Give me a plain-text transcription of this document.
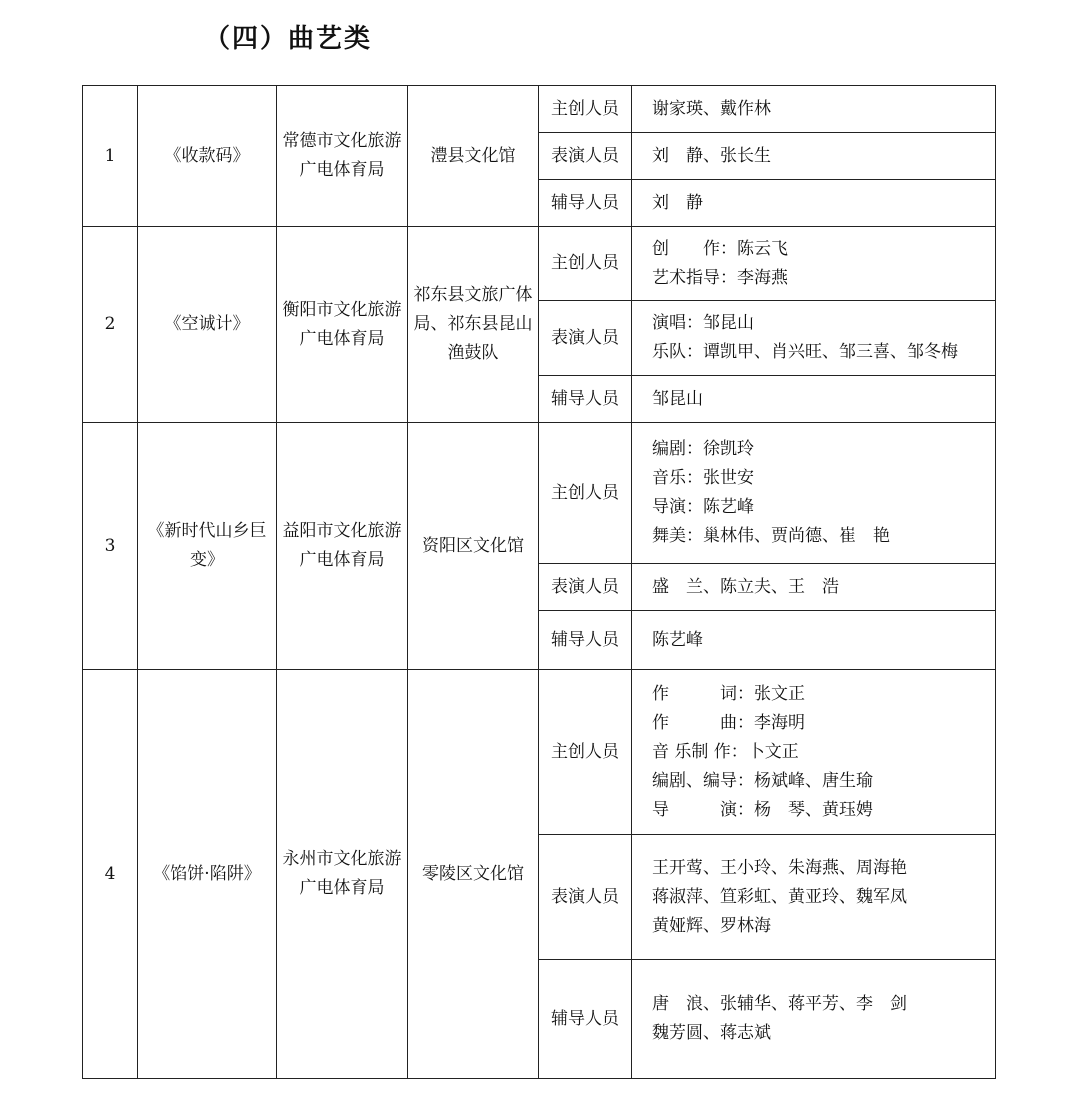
（四）曲艺类
1	《收款码》	常德市文化旅游广电体育局	澧县文化馆	主创人员	谢家瑛、戴作林

				表演人员	刘　静、张长生

				辅导人员	刘　静

2	《空诚计》	衡阳市文化旅游广电体育局	祁东县文旅广体局、祁东县昆山渔鼓队	主创人员	创　　作：陈云飞
艺术指导：李海燕

				表演人员	演唱：邹昆山
乐队：谭凯甲、肖兴旺、邹三喜、邹冬梅

				辅导人员	邹昆山

3	《新时代山乡巨变》	益阳市文化旅游广电体育局	资阳区文化馆	主创人员	编剧：徐凯玲
音乐：张世安
导演：陈艺峰
舞美：巢林伟、贾尚德、崔　艳

				表演人员	盛　兰、陈立夫、王　浩

				辅导人员	陈艺峰

4	《馅饼·陷阱》	永州市文化旅游广电体育局	零陵区文化馆	主创人员	作　　　词：张文正
作　　　曲：李海明
音 乐制 作：卜文正
编剧、编导：杨斌峰、唐生瑜
导　　　演：杨　琴、黄珏娉

				表演人员	王开莺、王小玲、朱海燕、周海艳
蒋淑萍、笪彩虹、黄亚玲、魏军凤
黄娅辉、罗林海

				辅导人员	唐　浪、张辅华、蒋平芳、李　剑
魏芳圆、蒋志斌
